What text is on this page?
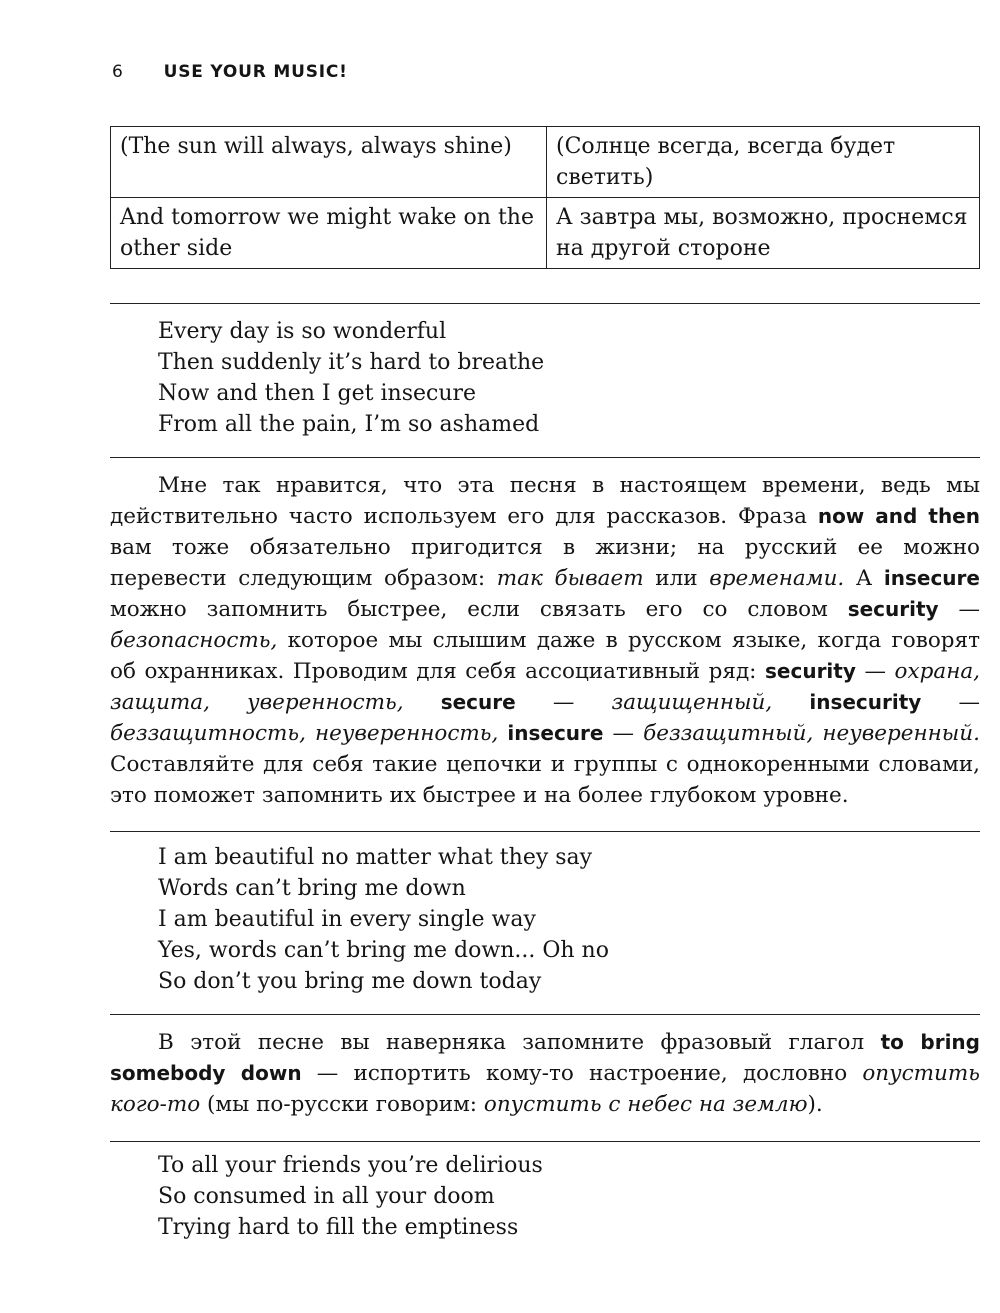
6 USE YOUR MUSIC!
(The sun will always, always shine)	(Солнце всегда, всегда будет светить)
And tomorrow we might wake on the other side	А завтра мы, возможно, проснемся на другой стороне
Every day is so wonderful
Then suddenly it’s hard to breathe
Now and then I get insecure
From all the pain, I’m so ashamed

Мне так нравится, что эта песня в настоящем времени, ведь мы действительно часто используем его для рассказов. Фраза now and then вам тоже обязательно пригодится в жизни; на русский ее можно перевести следующим образом: так бывает или временами. А insecure можно запомнить быстрее, если связать его со словом security — безопасность, которое мы слышим даже в русском языке, когда говорят об охранниках. Проводим для себя ассоциативный ряд: security — охрана, защита, уверенность, secure — защищенный, insecurity — беззащитность, неуверенность, insecure — беззащитный, неуверенный. Составляйте для себя такие цепочки и группы с однокоренными словами, это поможет запомнить их быстрее и на более глубоком уровне.

I am beautiful no matter what they say
Words can’t bring me down
I am beautiful in every single way
Yes, words can’t bring me down... Oh no
So don’t you bring me down today

В этой песне вы наверняка запомните фразовый глагол to bring somebody down — испортить кому-то настроение, дословно опустить кого-то (мы по-русски говорим: опустить с небес на землю).

To all your friends you’re delirious
So consumed in all your doom
Trying hard to fill the emptiness
